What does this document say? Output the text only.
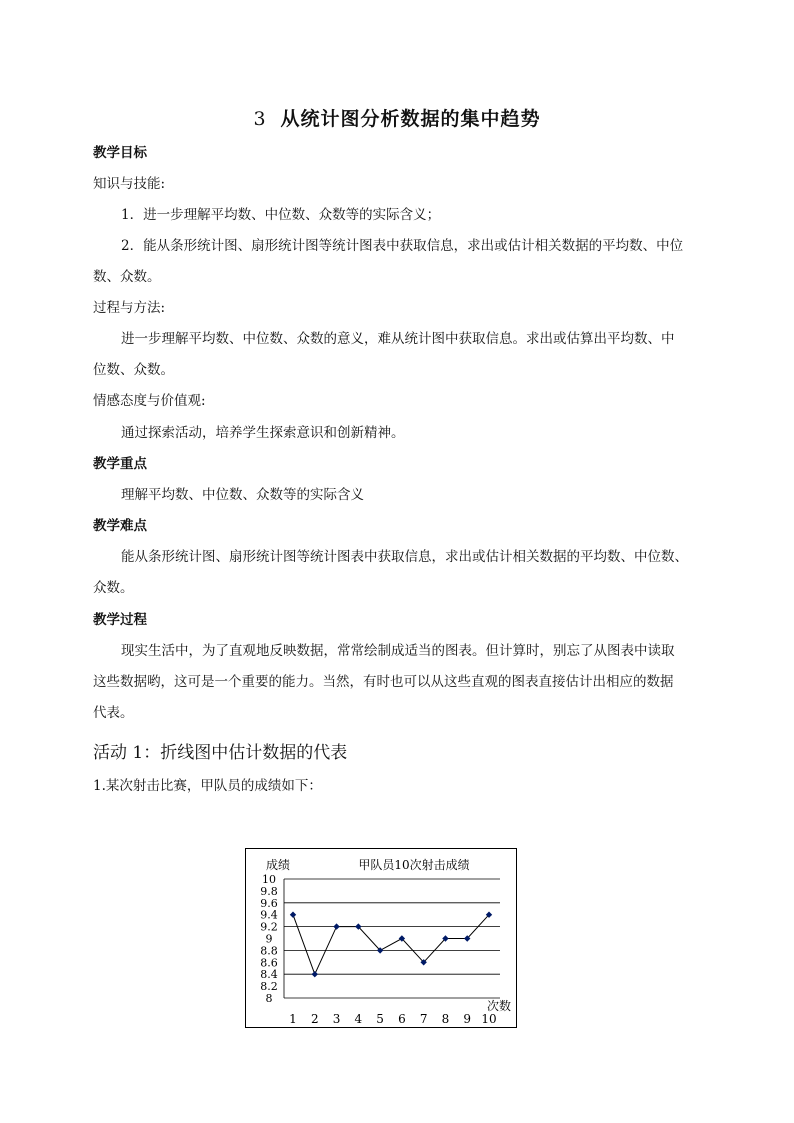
3 从统计图分析数据的集中趋势
教学目标
知识与技能:
1．进一步理解平均数、中位数、众数等的实际含义；
2．能从条形统计图、扇形统计图等统计图表中获取信息，求出或估计相关数据的平均数、中位
数、众数。
过程与方法:
进一步理解平均数、中位数、众数的意义，难从统计图中获取信息。求出或估算出平均数、中
位数、众数。
情感态度与价值观:
通过探索活动，培养学生探索意识和创新精神。
教学重点
理解平均数、中位数、众数等的实际含义
教学难点
能从条形统计图、扇形统计图等统计图表中获取信息，求出或估计相关数据的平均数、中位数、
众数。
教学过程
现实生活中，为了直观地反映数据，常常绘制成适当的图表。但计算时，别忘了从图表中读取
这些数据哟，这可是一个重要的能力。当然，有时也可以从这些直观的图表直接估计出相应的数据
代表。
活动 1：折线图中估计数据的代表
1.某次射击比赛，甲队员的成绩如下：
成绩	甲队员10次射击成绩
次数
10
9.8
9.6
9.4
9.2
9
8.8
8.6
8.4
8.2
8
1 2 3 4 5 6 7 8 9 10
